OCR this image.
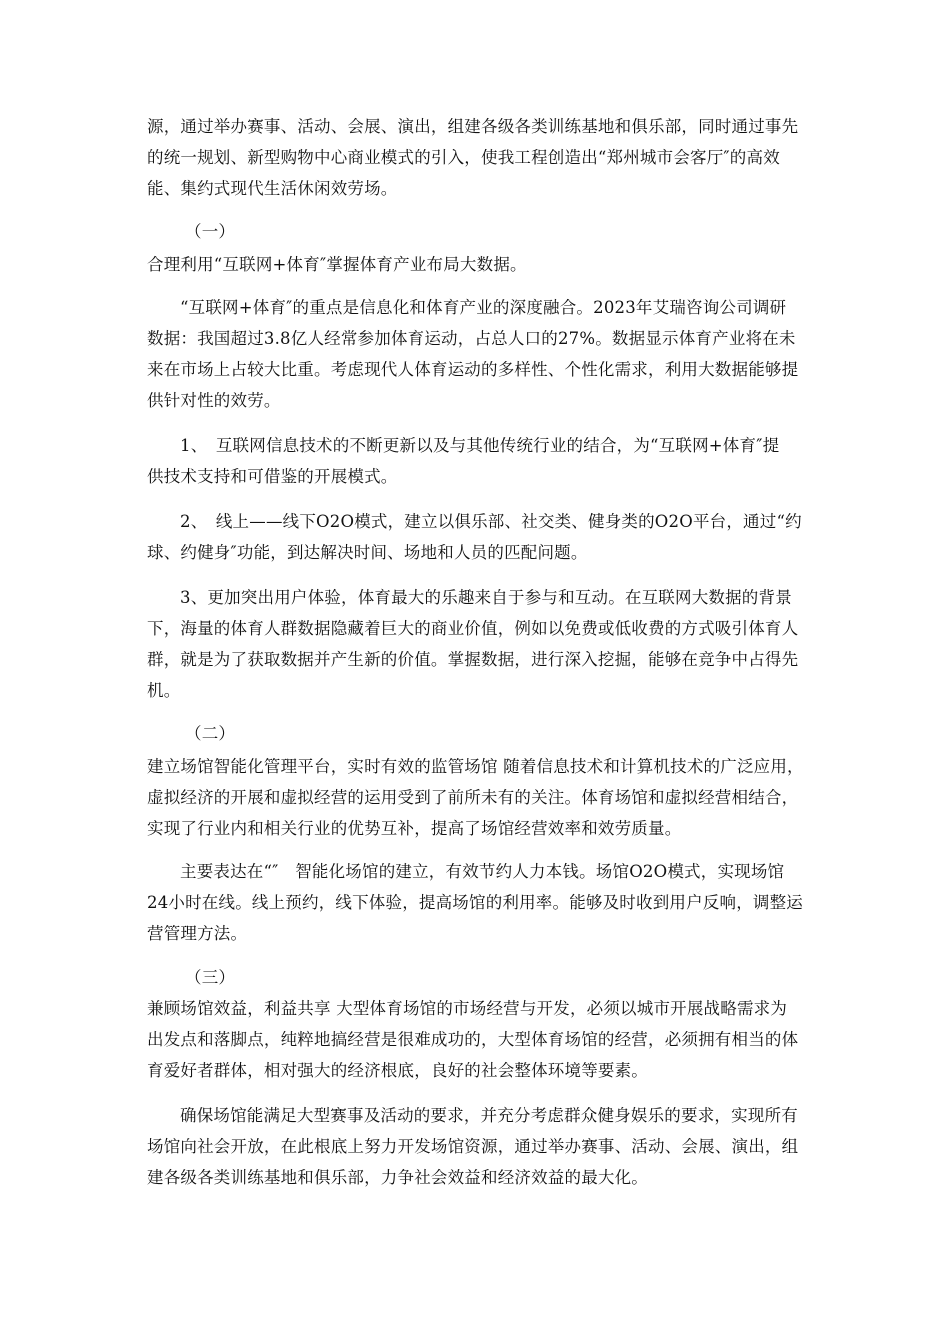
源，通过举办赛事、活动、会展、演出，组建各级各类训练基地和俱乐部，同时通过事先
的统一规划、新型购物中心商业模式的引入，使我工程创造出“郑州城市会客厅″的高效
能、集约式现代生活休闲效劳场。
（一）
合理利用“互联网+体育″掌握体育产业布局大数据。
“互联网+体育″的重点是信息化和体育产业的深度融合。2023年艾瑞咨询公司调研
数据：我国超过3.8亿人经常参加体育运动，占总人口的27%。数据显示体育产业将在未
来在市场上占较大比重。考虑现代人体育运动的多样性、个性化需求，利用大数据能够提
供针对性的效劳。
1、　互联网信息技术的不断更新以及与其他传统行业的结合，为“互联网+体育″提
供技术支持和可借鉴的开展模式。
2、　线上——线下O2O模式，建立以俱乐部、社交类、健身类的O2O平台，通过“约
球、约健身″功能，到达解决时间、场地和人员的匹配问题。
3、更加突出用户体验，体育最大的乐趣来自于参与和互动。在互联网大数据的背景
下，海量的体育人群数据隐藏着巨大的商业价值，例如以免费或低收费的方式吸引体育人
群，就是为了获取数据并产生新的价值。掌握数据，进行深入挖掘，能够在竞争中占得先
机。
（二）
建立场馆智能化管理平台，实时有效的监管场馆 随着信息技术和计算机技术的广泛应用，
虚拟经济的开展和虚拟经营的运用受到了前所未有的关注。体育场馆和虚拟经营相结合，
实现了行业内和相关行业的优势互补，提高了场馆经营效率和效劳质量。
主要表达在“″　智能化场馆的建立，有效节约人力本钱。场馆O2O模式，实现场馆
24小时在线。线上预约，线下体验，提高场馆的利用率。能够及时收到用户反响，调整运
营管理方法。
（三）
兼顾场馆效益，利益共享 大型体育场馆的市场经营与开发，必须以城市开展战略需求为
出发点和落脚点，纯粹地搞经营是很难成功的，大型体育场馆的经营，必须拥有相当的体
育爱好者群体，相对强大的经济根底，良好的社会整体环境等要素。
确保场馆能满足大型赛事及活动的要求，并充分考虑群众健身娱乐的要求，实现所有
场馆向社会开放，在此根底上努力开发场馆资源，通过举办赛事、活动、会展、演出，组
建各级各类训练基地和俱乐部，力争社会效益和经济效益的最大化。
